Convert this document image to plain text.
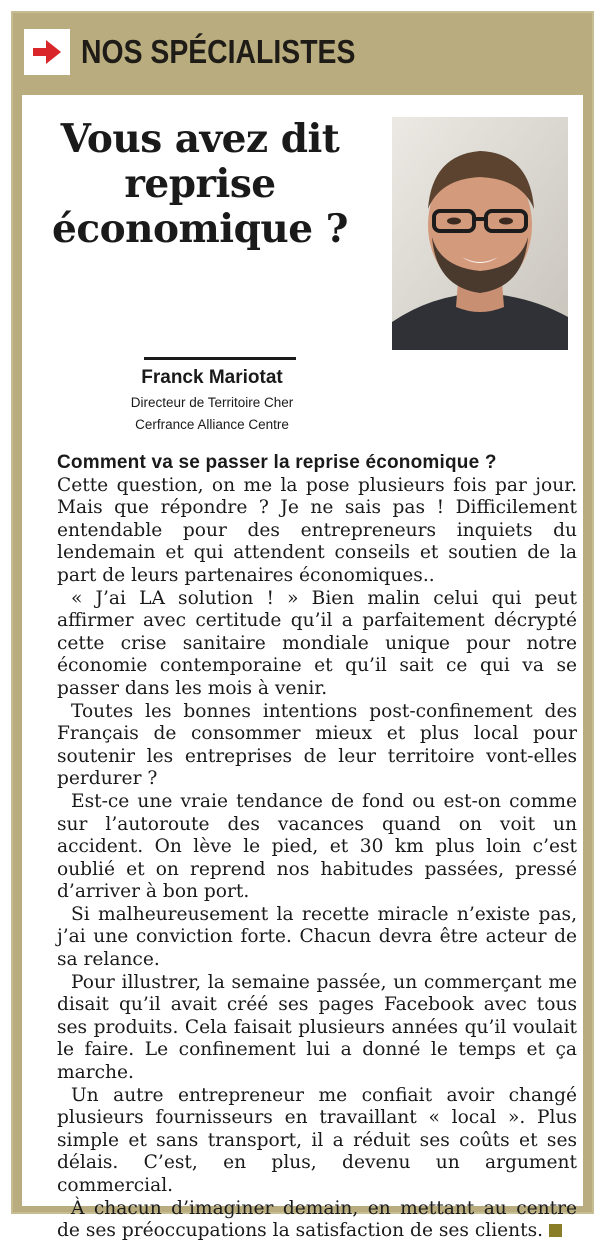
NOS SPÉCIALISTES
Vous avez dit reprise économique ?
Franck Mariotat
Directeur de Territoire Cher
Cerfrance Alliance Centre

Comment va se passer la reprise économique ?
Cette question, on me la pose plusieurs fois par jour. Mais que répondre ? Je ne sais pas ! Difficilement entendable pour des entrepreneurs inquiets du lendemain et qui attendent conseils et soutien de la part de leurs partenaires économiques..

« J’ai LA solution ! » Bien malin celui qui peut affirmer avec certitude qu’il a parfaitement décrypté cette crise sanitaire mondiale unique pour notre économie contemporaine et qu’il sait ce qui va se passer dans les mois à venir.

Toutes les bonnes intentions post-confinement des Français de consommer mieux et plus local pour soutenir les entreprises de leur territoire vont-elles perdurer ?

Est-ce une vraie tendance de fond ou est-on comme sur l’autoroute des vacances quand on voit un accident. On lève le pied, et 30 km plus loin c’est oublié et on reprend nos habitudes passées, pressé d’arriver à bon port.

Si malheureusement la recette miracle n’existe pas, j’ai une conviction forte. Chacun devra être acteur de sa relance.

Pour illustrer, la semaine passée, un commerçant me disait qu’il avait créé ses pages Facebook avec tous ses produits. Cela faisait plusieurs années qu’il voulait le faire. Le confinement lui a donné le temps et ça marche.

Un autre entrepreneur me confiait avoir changé plusieurs fournisseurs en travaillant « local ». Plus simple et sans transport, il a réduit ses coûts et ses délais. C’est, en plus, devenu un argument commercial.

À chacun d’imaginer demain, en mettant au centre de ses préoccupations la satisfaction de ses clients.
